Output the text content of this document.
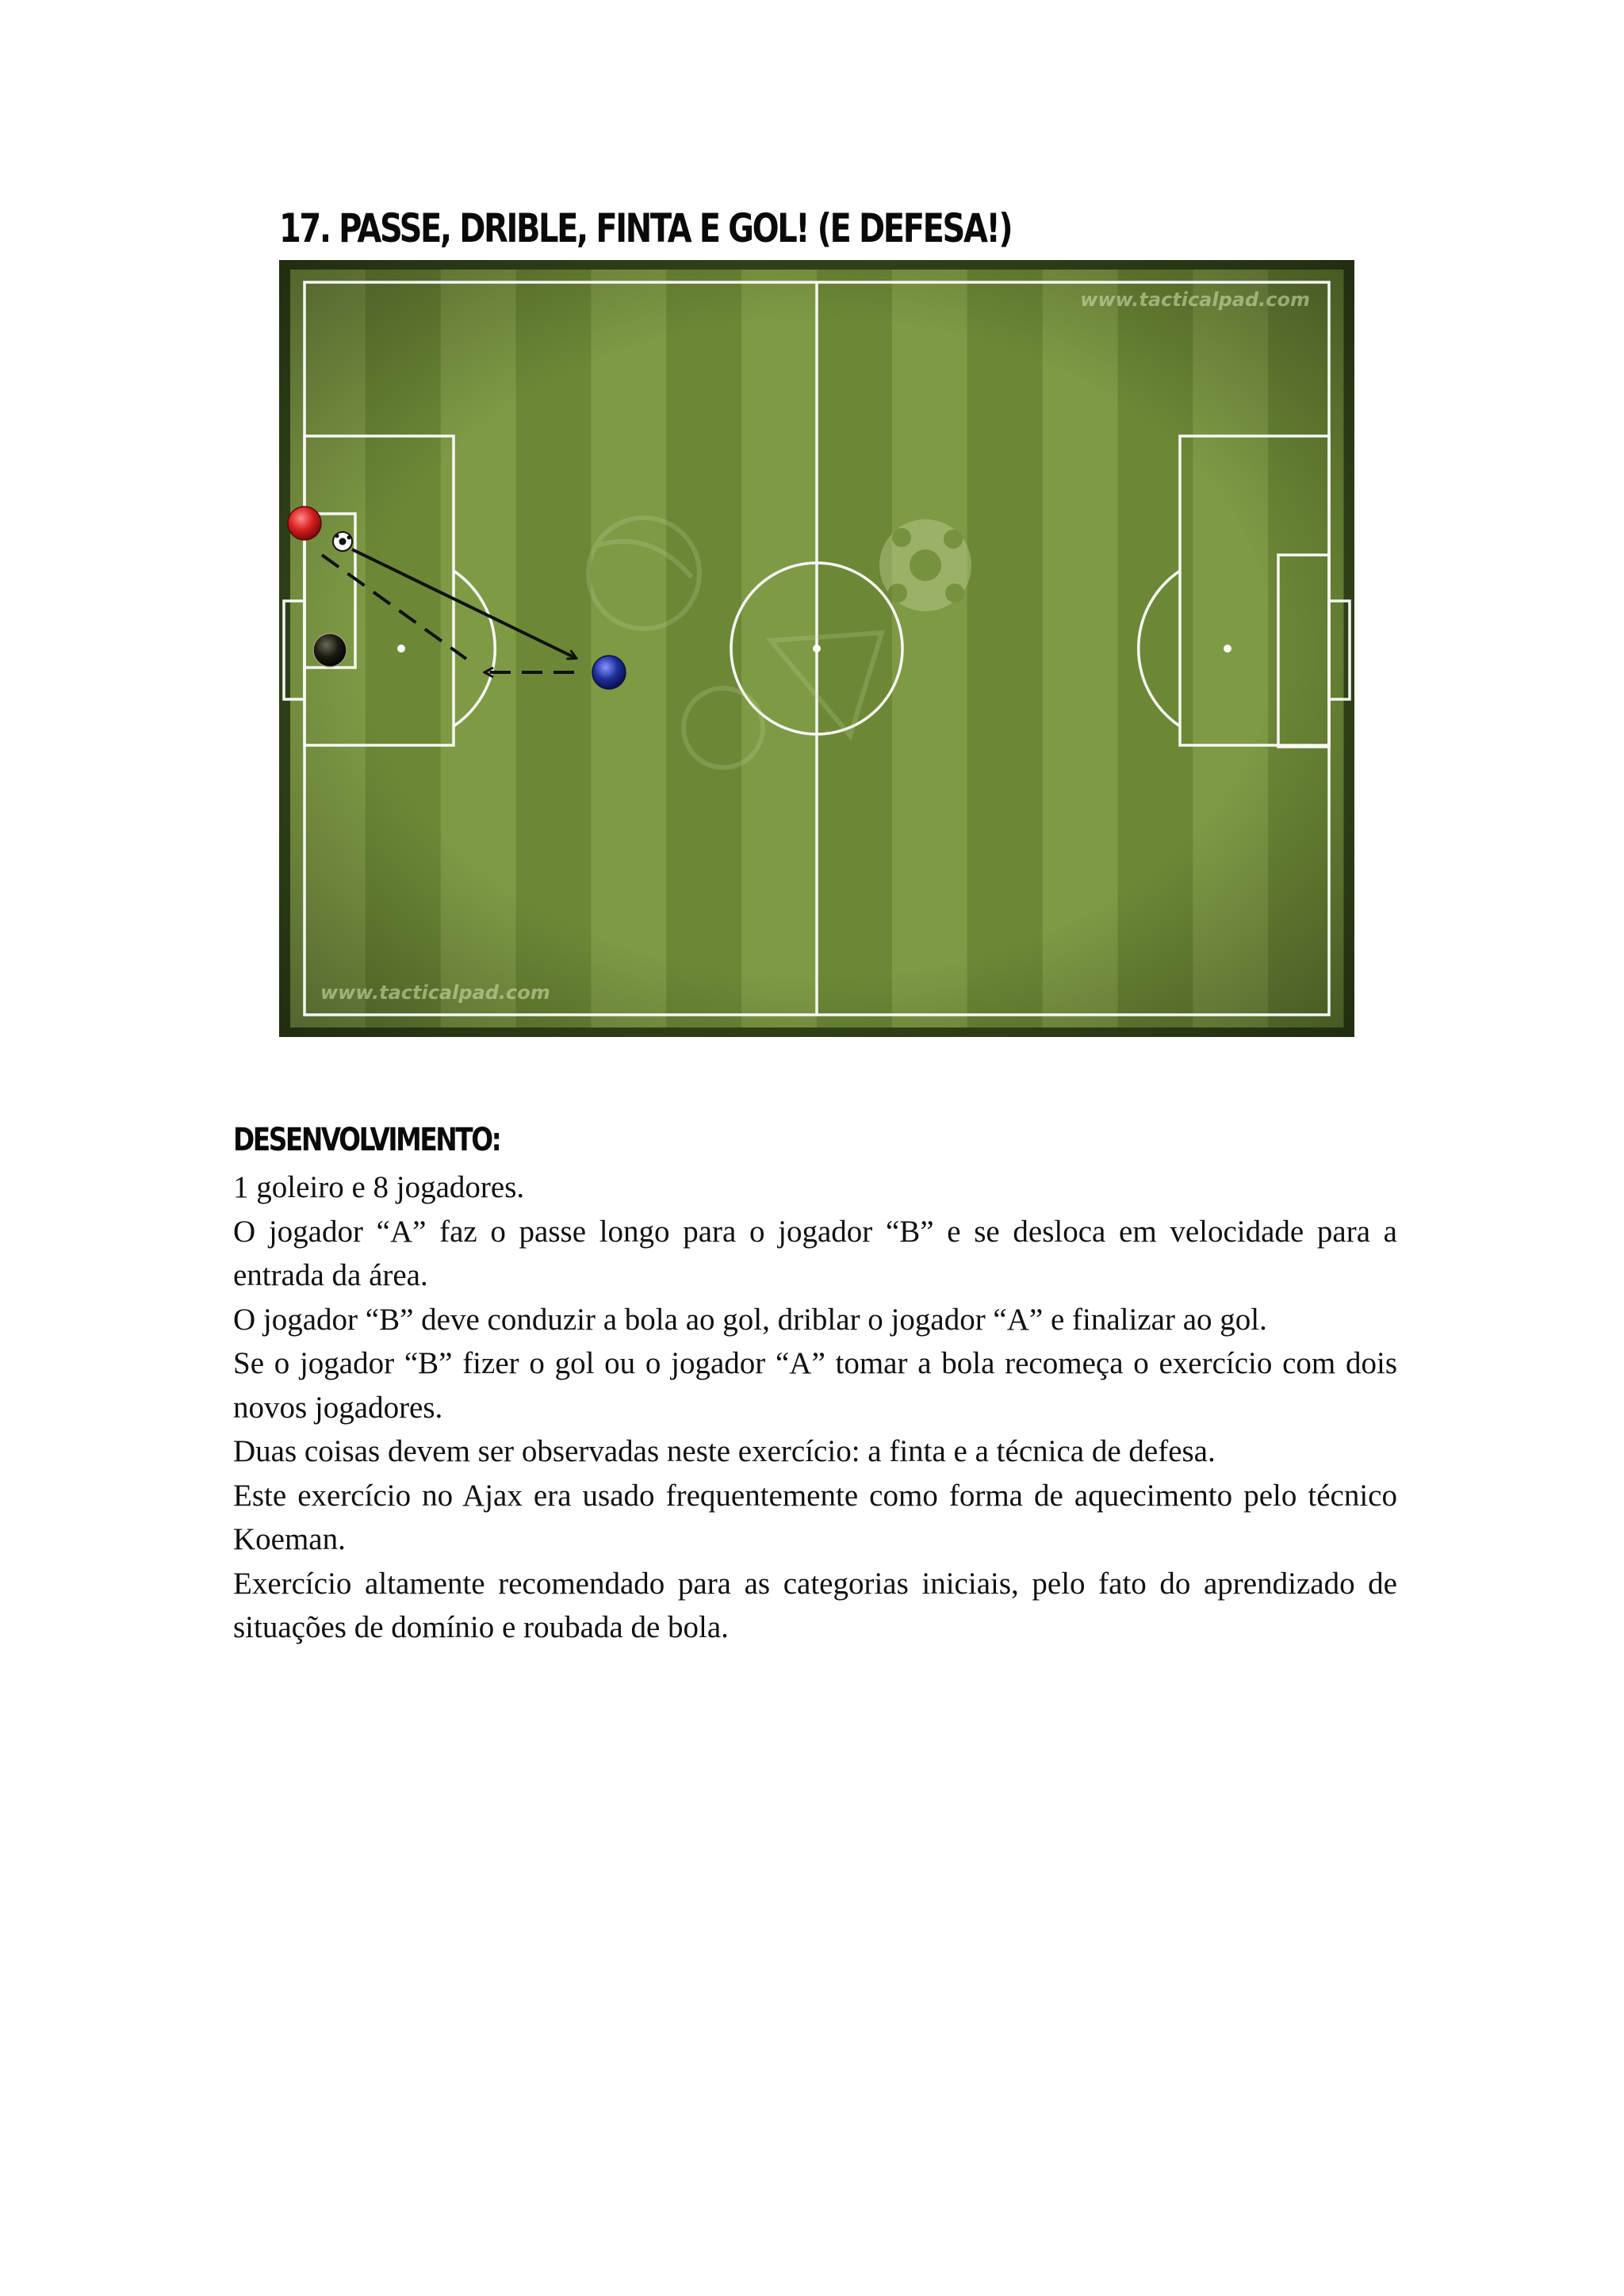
17. PASSE, DRIBLE, FINTA E GOL! (E DEFESA!)
www.tacticalpad.com
www.tacticalpad.com
DESENVOLVIMENTO:

1 goleiro e 8 jogadores.

O jogador “A” faz o passe longo para o jogador “B” e se desloca em velocidade para a entrada da área.

O jogador “B” deve conduzir a bola ao gol, driblar o jogador “A” e finalizar ao gol.

Se o jogador “B” fizer o gol ou o jogador “A” tomar a bola recomeça o exercício com dois novos jogadores.

Duas coisas devem ser observadas neste exercício: a finta e a técnica de defesa.

Este exercício no Ajax era usado frequentemente como forma de aquecimento pelo técnico Koeman.

Exercício altamente recomendado para as categorias iniciais, pelo fato do aprendizado de situações de domínio e roubada de bola.
